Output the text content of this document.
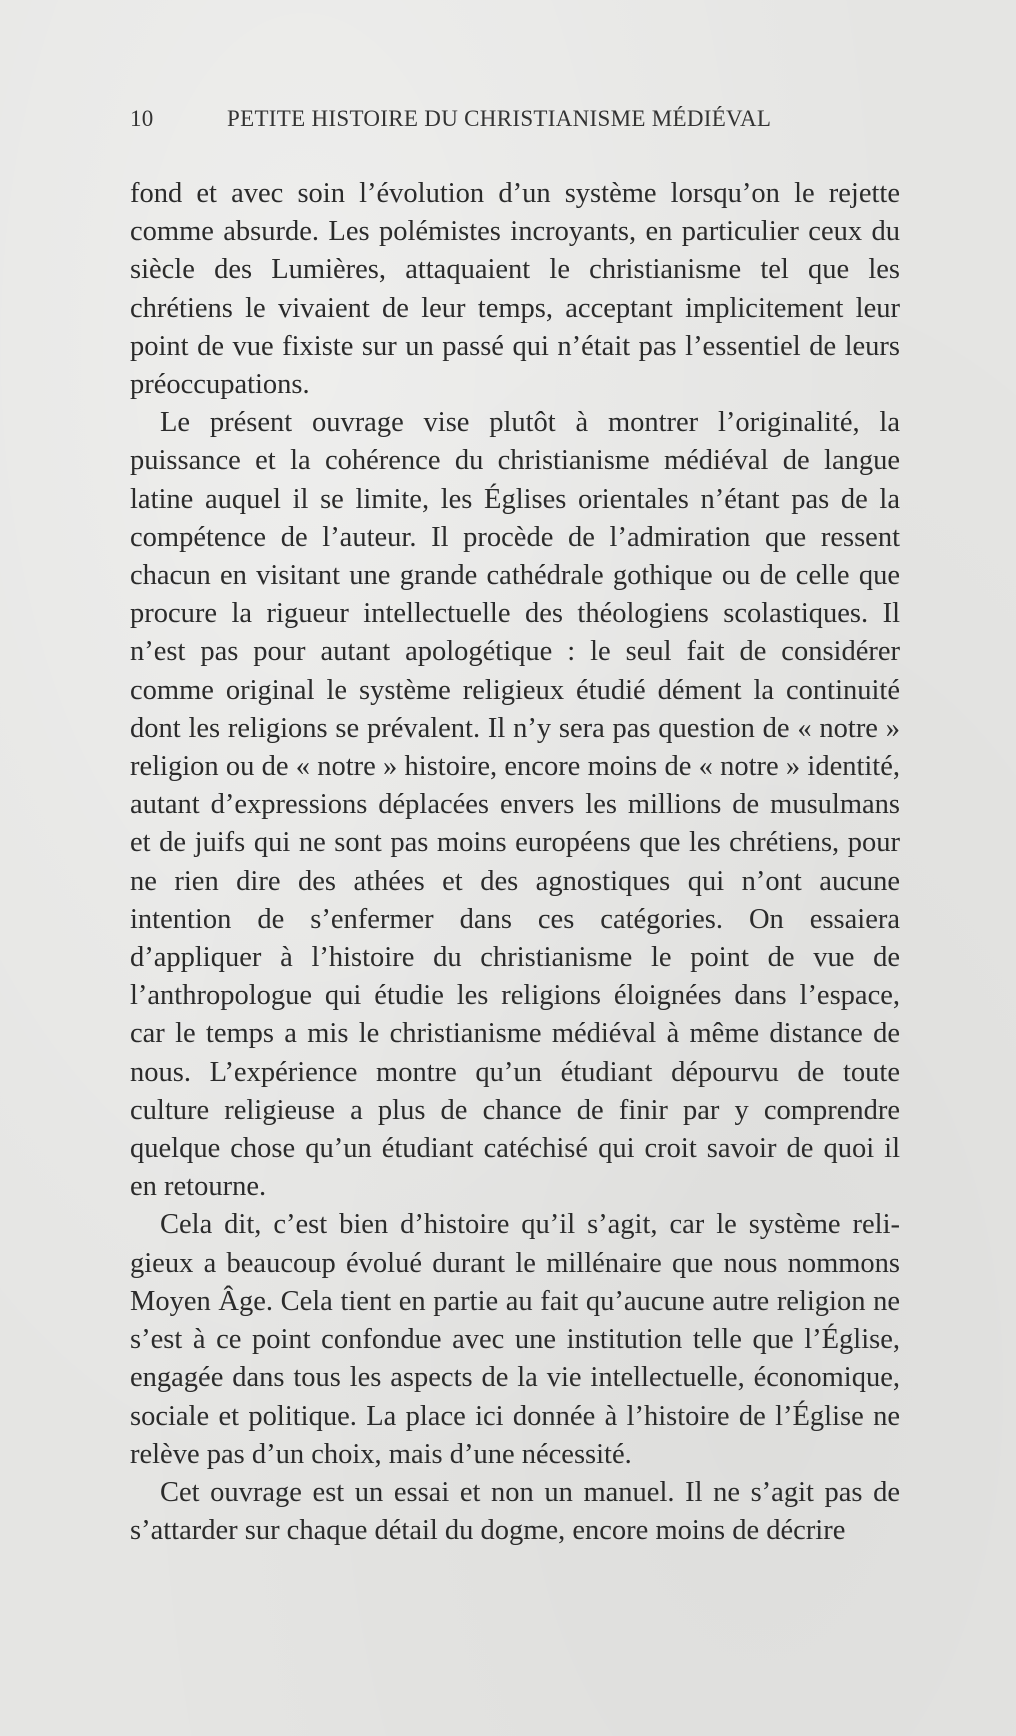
10	PETITE HISTOIRE DU CHRISTIANISME MÉDIÉVAL

fond et avec soin l’évolution d’un système lorsqu’on le rejette comme absurde. Les polémistes incroyants, en particulier ceux du siècle des Lumières, attaquaient le christianisme tel que les chrétiens le vivaient de leur temps, acceptant implicitement leur point de vue fixiste sur un passé qui n’était pas l’essentiel de leurs préoccupations.

Le présent ouvrage vise plutôt à montrer l’originalité, la puissance et la cohérence du christianisme médiéval de langue latine auquel il se limite, les Églises orientales n’étant pas de la compétence de l’auteur. Il procède de l’admiration que ressent chacun en visitant une grande cathédrale gothique ou de celle que procure la rigueur intellectuelle des théologiens scolastiques. Il n’est pas pour autant apologétique : le seul fait de considérer comme original le système religieux étudié dément la continuité dont les religions se prévalent. Il n’y sera pas question de « notre » religion ou de « notre » histoire, encore moins de « notre » identité, autant d’expressions déplacées envers les millions de musulmans et de juifs qui ne sont pas moins européens que les chrétiens, pour ne rien dire des athées et des agnostiques qui n’ont aucune intention de s’enfermer dans ces catégories. On essaiera d’appliquer à l’histoire du christianisme le point de vue de l’anthropologue qui étudie les religions éloignées dans l’espace, car le temps a mis le christianisme médiéval à même distance de nous. L’expérience montre qu’un étudiant dépourvu de toute culture religieuse a plus de chance de finir par y comprendre quelque chose qu’un étudiant catéchisé qui croit savoir de quoi il en retourne.

Cela dit, c’est bien d’histoire qu’il s’agit, car le système religieux a beaucoup évolué durant le millénaire que nous nommons Moyen Âge. Cela tient en partie au fait qu’aucune autre religion ne s’est à ce point confondue avec une institution telle que l’Église, engagée dans tous les aspects de la vie intellectuelle, économique, sociale et politique. La place ici donnée à l’histoire de l’Église ne relève pas d’un choix, mais d’une nécessité.

Cet ouvrage est un essai et non un manuel. Il ne s’agit pas de s’attarder sur chaque détail du dogme, encore moins de décrire
